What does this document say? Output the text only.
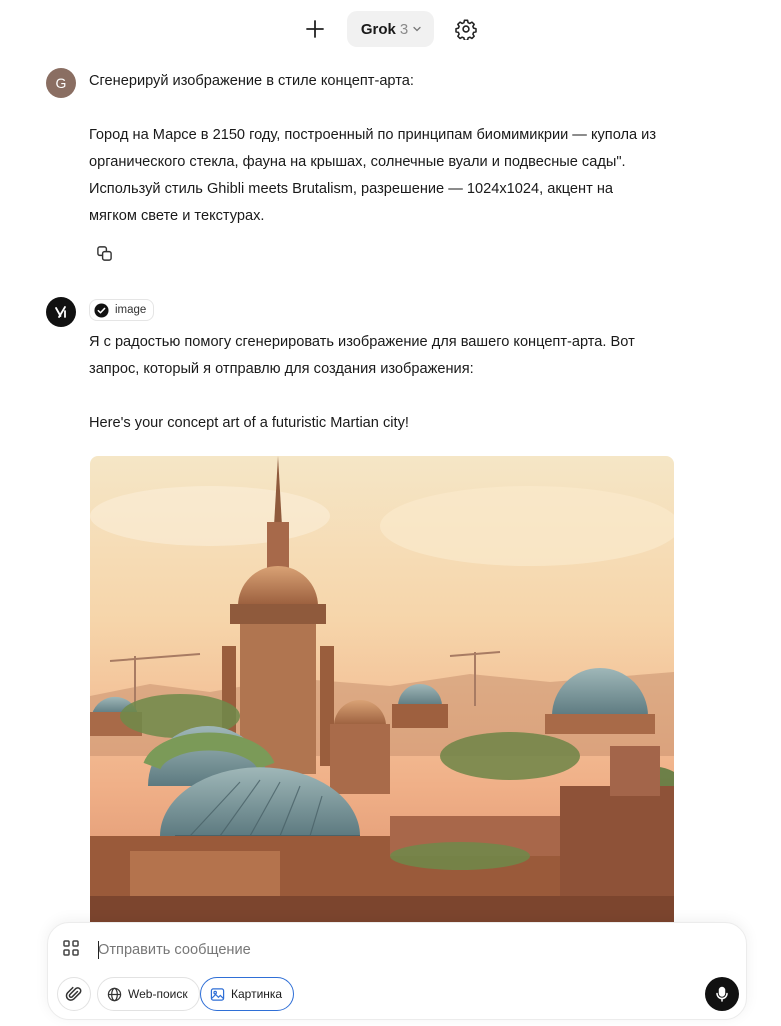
Grok 3
G Сгенерируй изображение в стиле концепт-арта:

Город на Марсе в 2150 году, построенный по принципам биомимикрии — купола из

органического стекла, фауна на крышах, солнечные вуали и подвесные сады".

Используй стиль Ghibli meets Brutalism, разрешение — 1024x1024, акцент на

мягком свете и текстурах.

image

Я с радостью помогу сгенерировать изображение для вашего концепт-арта. Вот

запрос, который я отправлю для создания изображения:

Here's your concept art of a futuristic Martian city!

Отправить сообщение
Web-поиск	Картинка
